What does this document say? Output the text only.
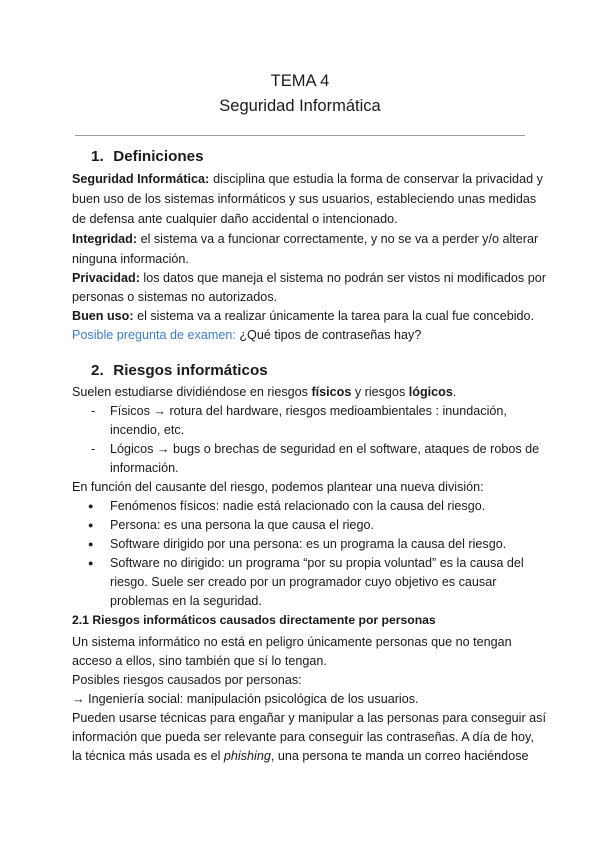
TEMA 4
Seguridad Informática
1. Definiciones
Seguridad Informática: disciplina que estudia la forma de conservar la privacidad y
buen uso de los sistemas informáticos y sus usuarios, estableciendo unas medidas
de defensa ante cualquier daño accidental o intencionado.
Integridad: el sistema va a funcionar correctamente, y no se va a perder y/o alterar
ninguna información.
Privacidad: los datos que maneja el sistema no podrán ser vistos ni modificados por
personas o sistemas no autorizados.
Buen uso: el sistema va a realizar únicamente la tarea para la cual fue concebido.
Posible pregunta de examen: ¿Qué tipos de contraseñas hay?
2. Riesgos informáticos
Suelen estudiarse dividiéndose en riesgos físicos y riesgos lógicos.
- Físicos → rotura del hardware, riesgos medioambientales : inundación,
incendio, etc.
- Lógicos → bugs o brechas de seguridad en el software, ataques de robos de
información.
En función del causante del riesgo, podemos plantear una nueva división:
● Fenómenos físicos: nadie está relacionado con la causa del riesgo.
● Persona: es una persona la que causa el riego.
● Software dirigido por una persona: es un programa la causa del riesgo.
● Software no dirigido: un programa “por su propia voluntad” es la causa del
riesgo. Suele ser creado por un programador cuyo objetivo es causar
problemas en la seguridad.
2.1 Riesgos informáticos causados directamente por personas
Un sistema informático no está en peligro únicamente personas que no tengan
acceso a ellos, sino también que sí lo tengan.
Posibles riesgos causados por personas:
→ Ingeniería social: manipulación psicológica de los usuarios.
Pueden usarse técnicas para engañar y manipular a las personas para conseguir así
información que pueda ser relevante para conseguir las contraseñas. A día de hoy,
la técnica más usada es el phishing, una persona te manda un correo haciéndose
